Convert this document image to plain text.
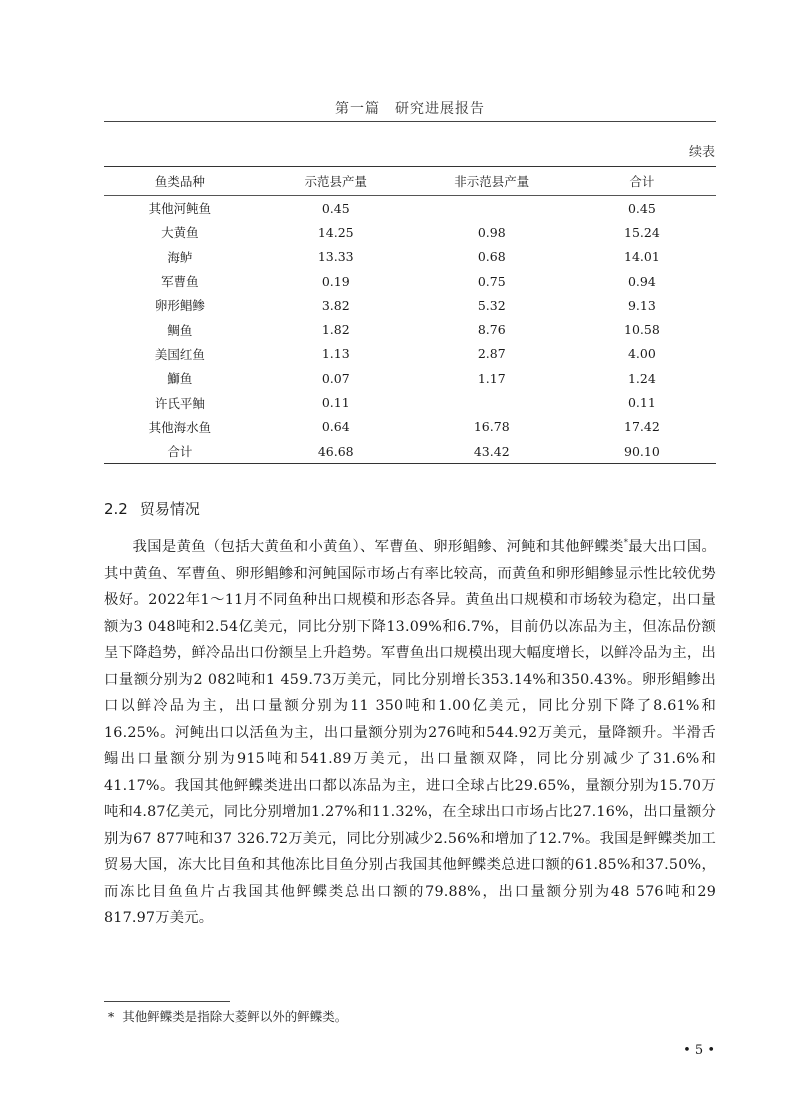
第一篇　研究进展报告
续表
鱼类品种	示范县产量	非示范县产量	合计
其他河鲀鱼	0.45		0.45
大黄鱼	14.25	0.98	15.24
海鲈	13.33	0.68	14.01
军曹鱼	0.19	0.75	0.94
卵形鲳鲹	3.82	5.32	9.13
鲷鱼	1.82	8.76	10.58
美国红鱼	1.13	2.87	4.00
鰤鱼	0.07	1.17	1.24
许氏平鲉	0.11		0.11
其他海水鱼	0.64	16.78	17.42
合计	46.68	43.42	90.10
2.2 贸易情况

我国是黄鱼（包括大黄鱼和小黄鱼）、军曹鱼、卵形鲳鲹、河鲀和其他鲆鲽类*最大出口国。其中黄鱼、军曹鱼、卵形鲳鲹和河鲀国际市场占有率比较高，而黄鱼和卵形鲳鲹显示性比较优势极好。2022年1～11月不同鱼种出口规模和形态各异。黄鱼出口规模和市场较为稳定，出口量额为3 048吨和2.54亿美元，同比分别下降13.09%和6.7%，目前仍以冻品为主，但冻品份额呈下降趋势，鲜冷品出口份额呈上升趋势。军曹鱼出口规模出现大幅度增长，以鲜冷品为主，出口量额分别为2 082吨和1 459.73万美元，同比分别增长353.14%和350.43%。卵形鲳鲹出口以鲜冷品为主，出口量额分别为11 350吨和1.00亿美元，同比分别下降了8.61%和16.25%。河鲀出口以活鱼为主，出口量额分别为276吨和544.92万美元，量降额升。半滑舌鳎出口量额分别为915吨和541.89万美元，出口量额双降，同比分别减少了31.6%和41.17%。我国其他鲆鲽类进出口都以冻品为主，进口全球占比29.65%，量额分别为15.70万吨和4.87亿美元，同比分别增加1.27%和11.32%，在全球出口市场占比27.16%，出口量额分别为67 877吨和37 326.72万美元，同比分别减少2.56%和增加了12.7%。我国是鲆鲽类加工贸易大国，冻大比目鱼和其他冻比目鱼分别占我国其他鲆鲽类总进口额的61.85%和37.50%，而冻比目鱼鱼片占我国其他鲆鲽类总出口额的79.88%，出口量额分别为48 576吨和29 817.97万美元。

* 其他鲆鲽类是指除大菱鲆以外的鲆鲽类。
• 5 •
